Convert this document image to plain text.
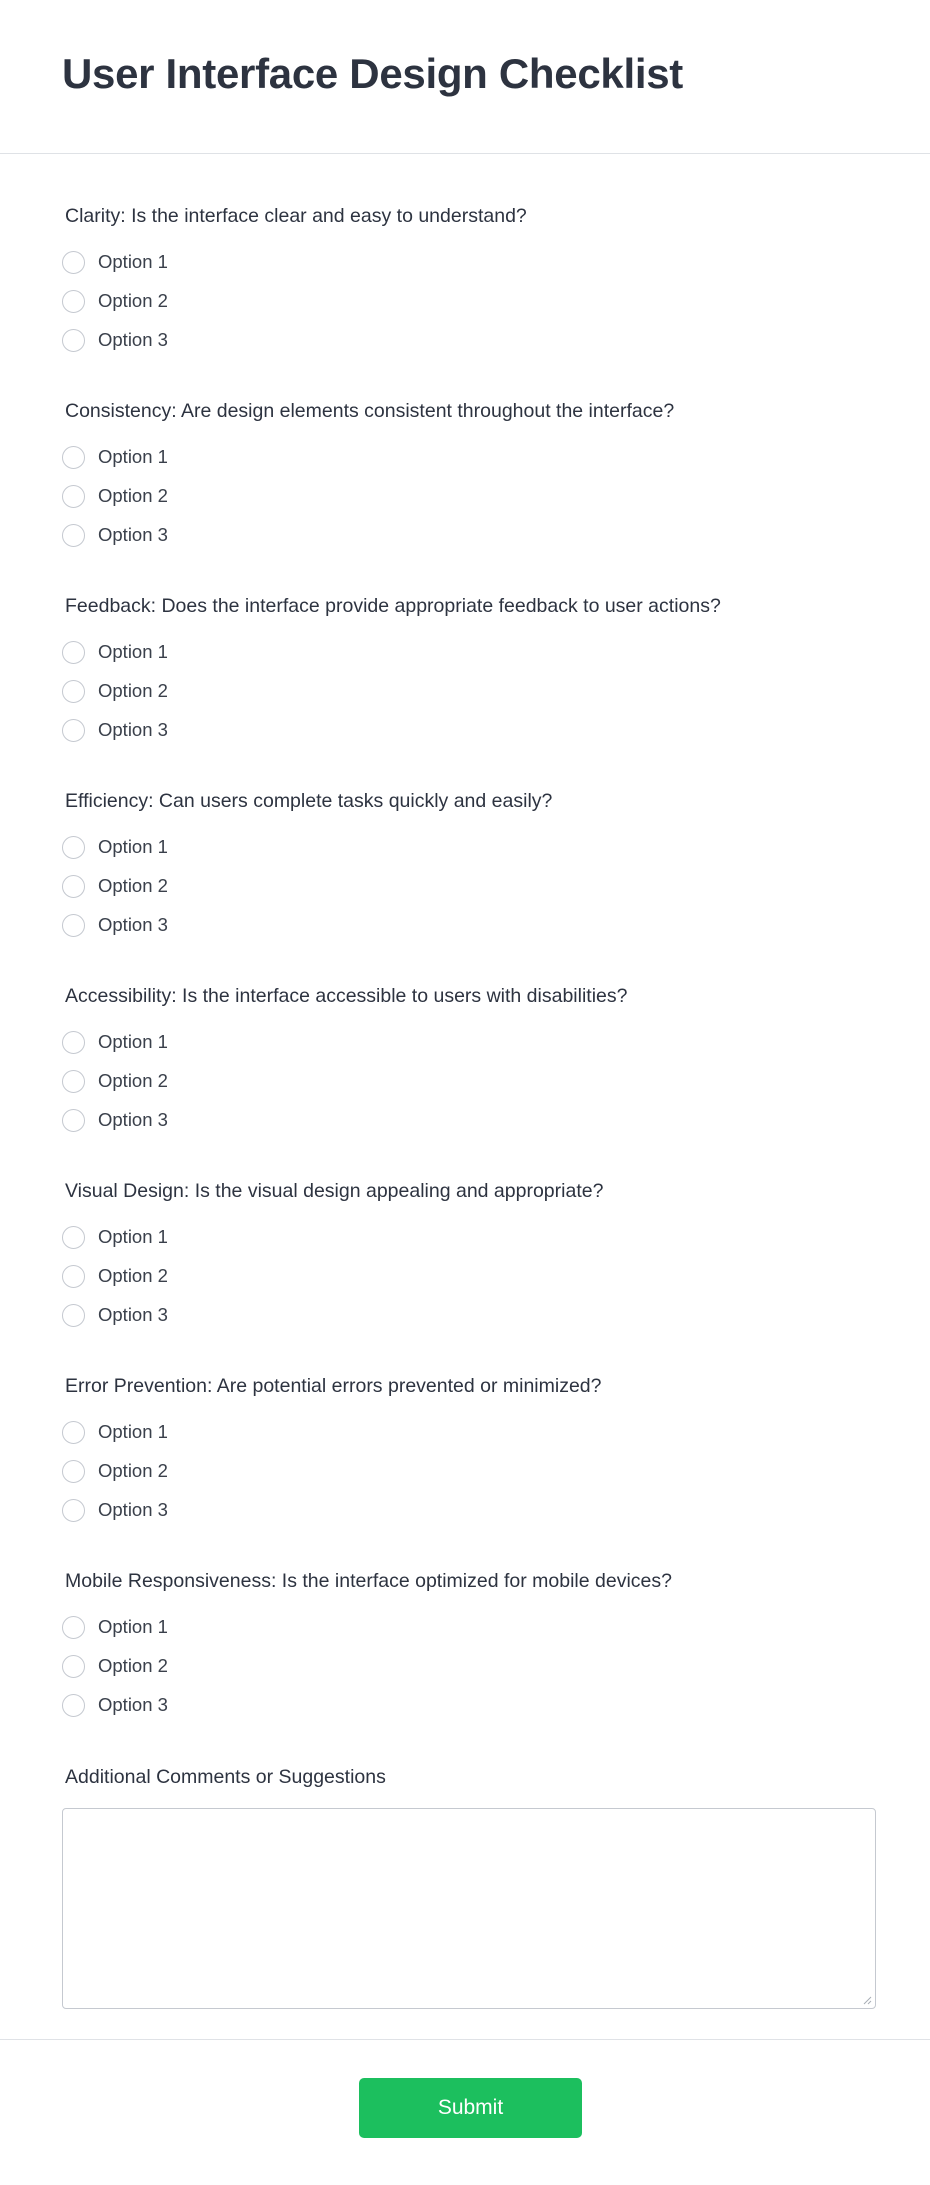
User Interface Design Checklist
Clarity: Is the interface clear and easy to understand?
Option 1
Option 2
Option 3
Consistency: Are design elements consistent throughout the interface?
Option 1
Option 2
Option 3
Feedback: Does the interface provide appropriate feedback to user actions?
Option 1
Option 2
Option 3
Efficiency: Can users complete tasks quickly and easily?
Option 1
Option 2
Option 3
Accessibility: Is the interface accessible to users with disabilities?
Option 1
Option 2
Option 3
Visual Design: Is the visual design appealing and appropriate?
Option 1
Option 2
Option 3
Error Prevention: Are potential errors prevented or minimized?
Option 1
Option 2
Option 3
Mobile Responsiveness: Is the interface optimized for mobile devices?
Option 1
Option 2
Option 3
Additional Comments or Suggestions
Submit
